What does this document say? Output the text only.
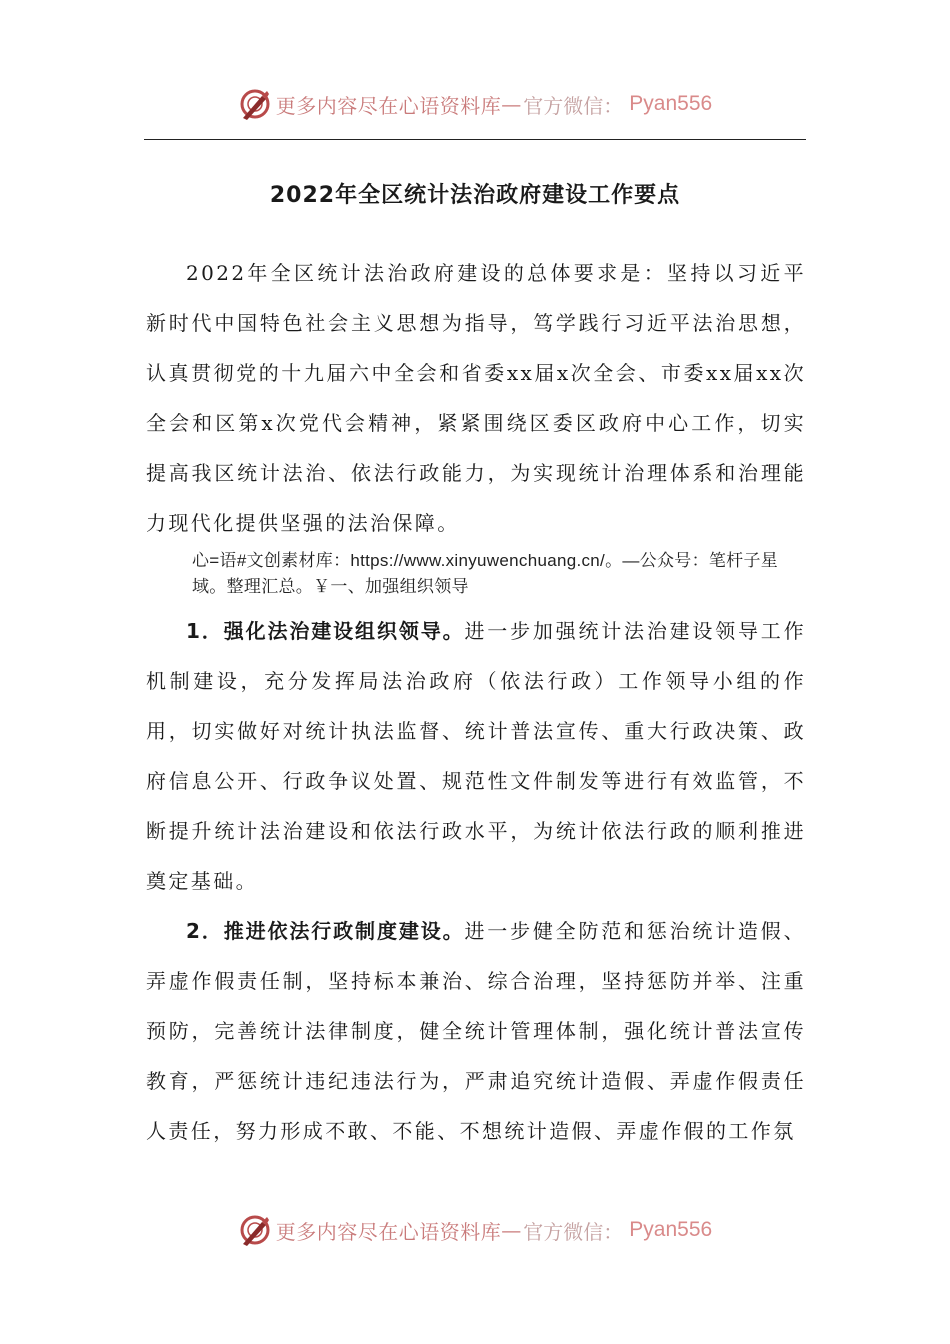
更多内容尽在心语资料库 — 官方微信： Pyan556
2022年全区统计法治政府建设工作要点

2022年全区统计法治政府建设的总体要求是：坚持以习近平新时代中国特色社会主义思想为指导，笃学践行习近平法治思想，认真贯彻党的十九届六中全会和省委xx届x次全会、市委xx届xx次全会和区第x次党代会精神，紧紧围绕区委区政府中心工作，切实提高我区统计法治、依法行政能力，为实现统计治理体系和治理能力现代化提供坚强的法治保障。

心=语#文创素材库：https://www.xinyuwenchuang.cn/。—公众号：笔杆子星域。整理汇总。￥一、加强组织领导

1．强化法治建设组织领导。进一步加强统计法治建设领导工作机制建设，充分发挥局法治政府（依法行政）工作领导小组的作用，切实做好对统计执法监督、统计普法宣传、重大行政决策、政府信息公开、行政争议处置、规范性文件制发等进行有效监管，不断提升统计法治建设和依法行政水平，为统计依法行政的顺利推进奠定基础。

2．推进依法行政制度建设。进一步健全防范和惩治统计造假、弄虚作假责任制，坚持标本兼治、综合治理，坚持惩防并举、注重预防，完善统计法律制度，健全统计管理体制，强化统计普法宣传教育，严惩统计违纪违法行为，严肃追究统计造假、弄虚作假责任人责任，努力形成不敢、不能、不想统计造假、弄虚作假的工作氛

更多内容尽在心语资料库 — 官方微信： Pyan556
